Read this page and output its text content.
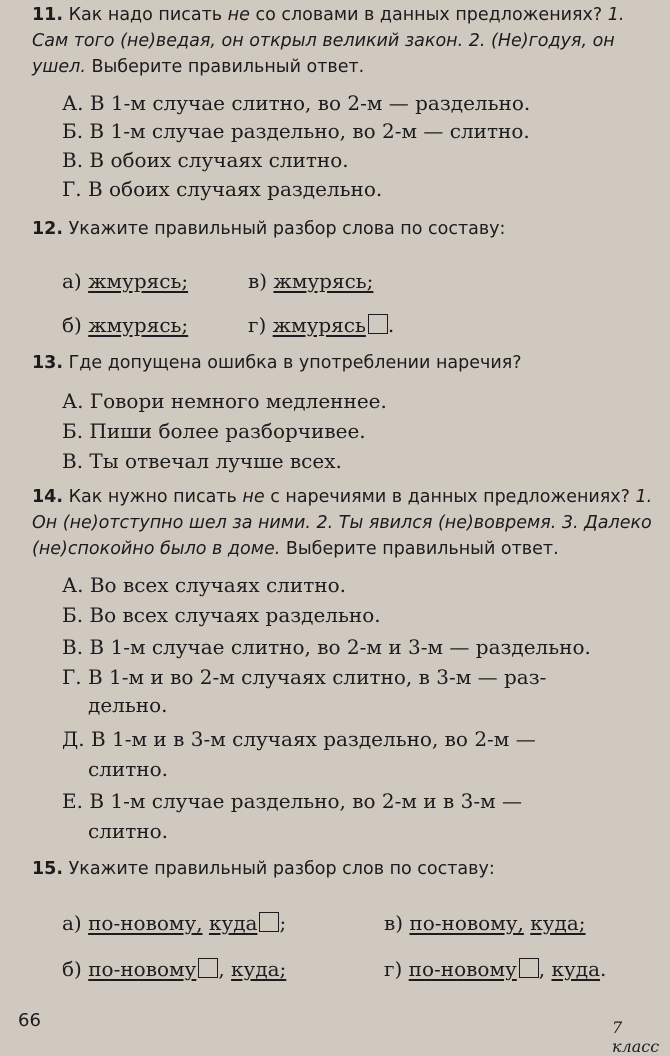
11. Как надо писать не со словами в данных предложениях? 1. Сам того (не)ведая, он открыл великий закон. 2. (Не)годуя, он ушел. Выберите правильный ответ.
А. В 1-м случае слитно, во 2-м — раздельно.
Б. В 1-м случае раздельно, во 2-м — слитно.
В. В обоих случаях слитно.
Г. В обоих случаях раздельно.
12. Укажите правильный разбор слова по составу:
а) жмурясь;	в) жмурясь;
б) жмурясь;	г) жмурясь .
13. Где допущена ошибка в употреблении наречия?
А. Говори немного медленнее.
Б. Пиши более разборчивее.
В. Ты отвечал лучше всех.
14. Как нужно писать не с наречиями в данных предложениях? 1. Он (не)отступно шел за ними. 2. Ты явился (не)вовремя. 3. Далеко (не)спокойно было в доме. Выберите правильный ответ.
А. Во всех случаях слитно.
Б. Во всех случаях раздельно.
В. В 1-м случае слитно, во 2-м и 3-м — раздельно.
Г. В 1-м и во 2-м случаях слитно, в 3-м — раз-
дельно.
Д. В 1-м и в 3-м случаях раздельно, во 2-м —
слитно.
Е. В 1-м случае раздельно, во 2-м и в 3-м —
слитно.
15. Укажите правильный разбор слов по составу:
а) по-новому, куда ;	в) по-новому, куда;
б) по-новому , куда;	г) по-новому , куда.
66	7 класс
